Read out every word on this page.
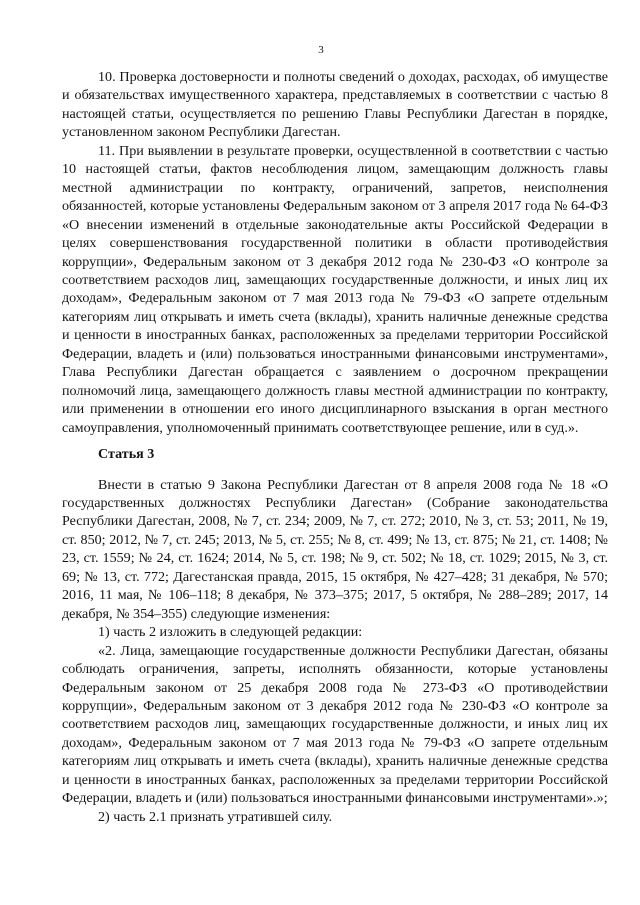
3

10. Проверка достоверности и полноты сведений о доходах, расходах, об имуществе и обязательствах имущественного характера, представляемых в соответствии с частью 8 настоящей статьи, осуществляется по решению Главы Республики Дагестан в порядке, установленном законом Республики Дагестан.

11. При выявлении в результате проверки, осуществленной в соответствии с частью 10 настоящей статьи, фактов несоблюдения лицом, замещающим должность главы местной администрации по контракту, ограничений, запретов, неисполнения обязанностей, которые установлены Федеральным законом от 3 апреля 2017 года № 64-ФЗ «О внесении изменений в отдельные законодательные акты Российской Федерации в целях совершенствования государственной политики в области противодействия коррупции», Федеральным законом от 3 декабря 2012 года № 230-ФЗ «О контроле за соответствием расходов лиц, замещающих государственные должности, и иных лиц их доходам», Федеральным законом от 7 мая 2013 года № 79-ФЗ «О запрете отдельным категориям лиц открывать и иметь счета (вклады), хранить наличные денежные средства и ценности в иностранных банках, расположенных за пределами территории Российской Федерации, владеть и (или) пользоваться иностранными финансовыми инструментами», Глава Республики Дагестан обращается с заявлением о досрочном прекращении полномочий лица, замещающего должность главы местной администрации по контракту, или применении в отношении его иного дисциплинарного взыскания в орган местного самоуправления, уполномоченный принимать соответствующее решение, или в суд.».

Статья 3

Внести в статью 9 Закона Республики Дагестан от 8 апреля 2008 года № 18 «О государственных должностях Республики Дагестан» (Собрание законодательства Республики Дагестан, 2008, № 7, ст. 234; 2009, № 7, ст. 272; 2010, № 3, ст. 53; 2011, № 19, ст. 850; 2012, № 7, ст. 245; 2013, № 5, ст. 255; № 8, ст. 499; № 13, ст. 875; № 21, ст. 1408; № 23, ст. 1559; № 24, ст. 1624; 2014, № 5, ст. 198; № 9, ст. 502; № 18, ст. 1029; 2015, № 3, ст. 69; № 13, ст. 772; Дагестанская правда, 2015, 15 октября, № 427–428; 31 декабря, № 570; 2016, 11 мая, № 106–118; 8 декабря, № 373–375; 2017, 5 октября, № 288–289; 2017, 14 декабря, № 354–355) следующие изменения:

1) часть 2 изложить в следующей редакции:

«2. Лица, замещающие государственные должности Республики Дагестан, обязаны соблюдать ограничения, запреты, исполнять обязанности, которые установлены Федеральным законом от 25 декабря 2008 года № 273-ФЗ «О противодействии коррупции», Федеральным законом от 3 декабря 2012 года № 230-ФЗ «О контроле за соответствием расходов лиц, замещающих государственные должности, и иных лиц их доходам», Федеральным законом от 7 мая 2013 года № 79-ФЗ «О запрете отдельным категориям лиц открывать и иметь счета (вклады), хранить наличные денежные средства и ценности в иностранных банках, расположенных за пределами территории Российской Федерации, владеть и (или) пользоваться иностранными финансовыми инструментами».»;

2) часть 2.1 признать утратившей силу.
